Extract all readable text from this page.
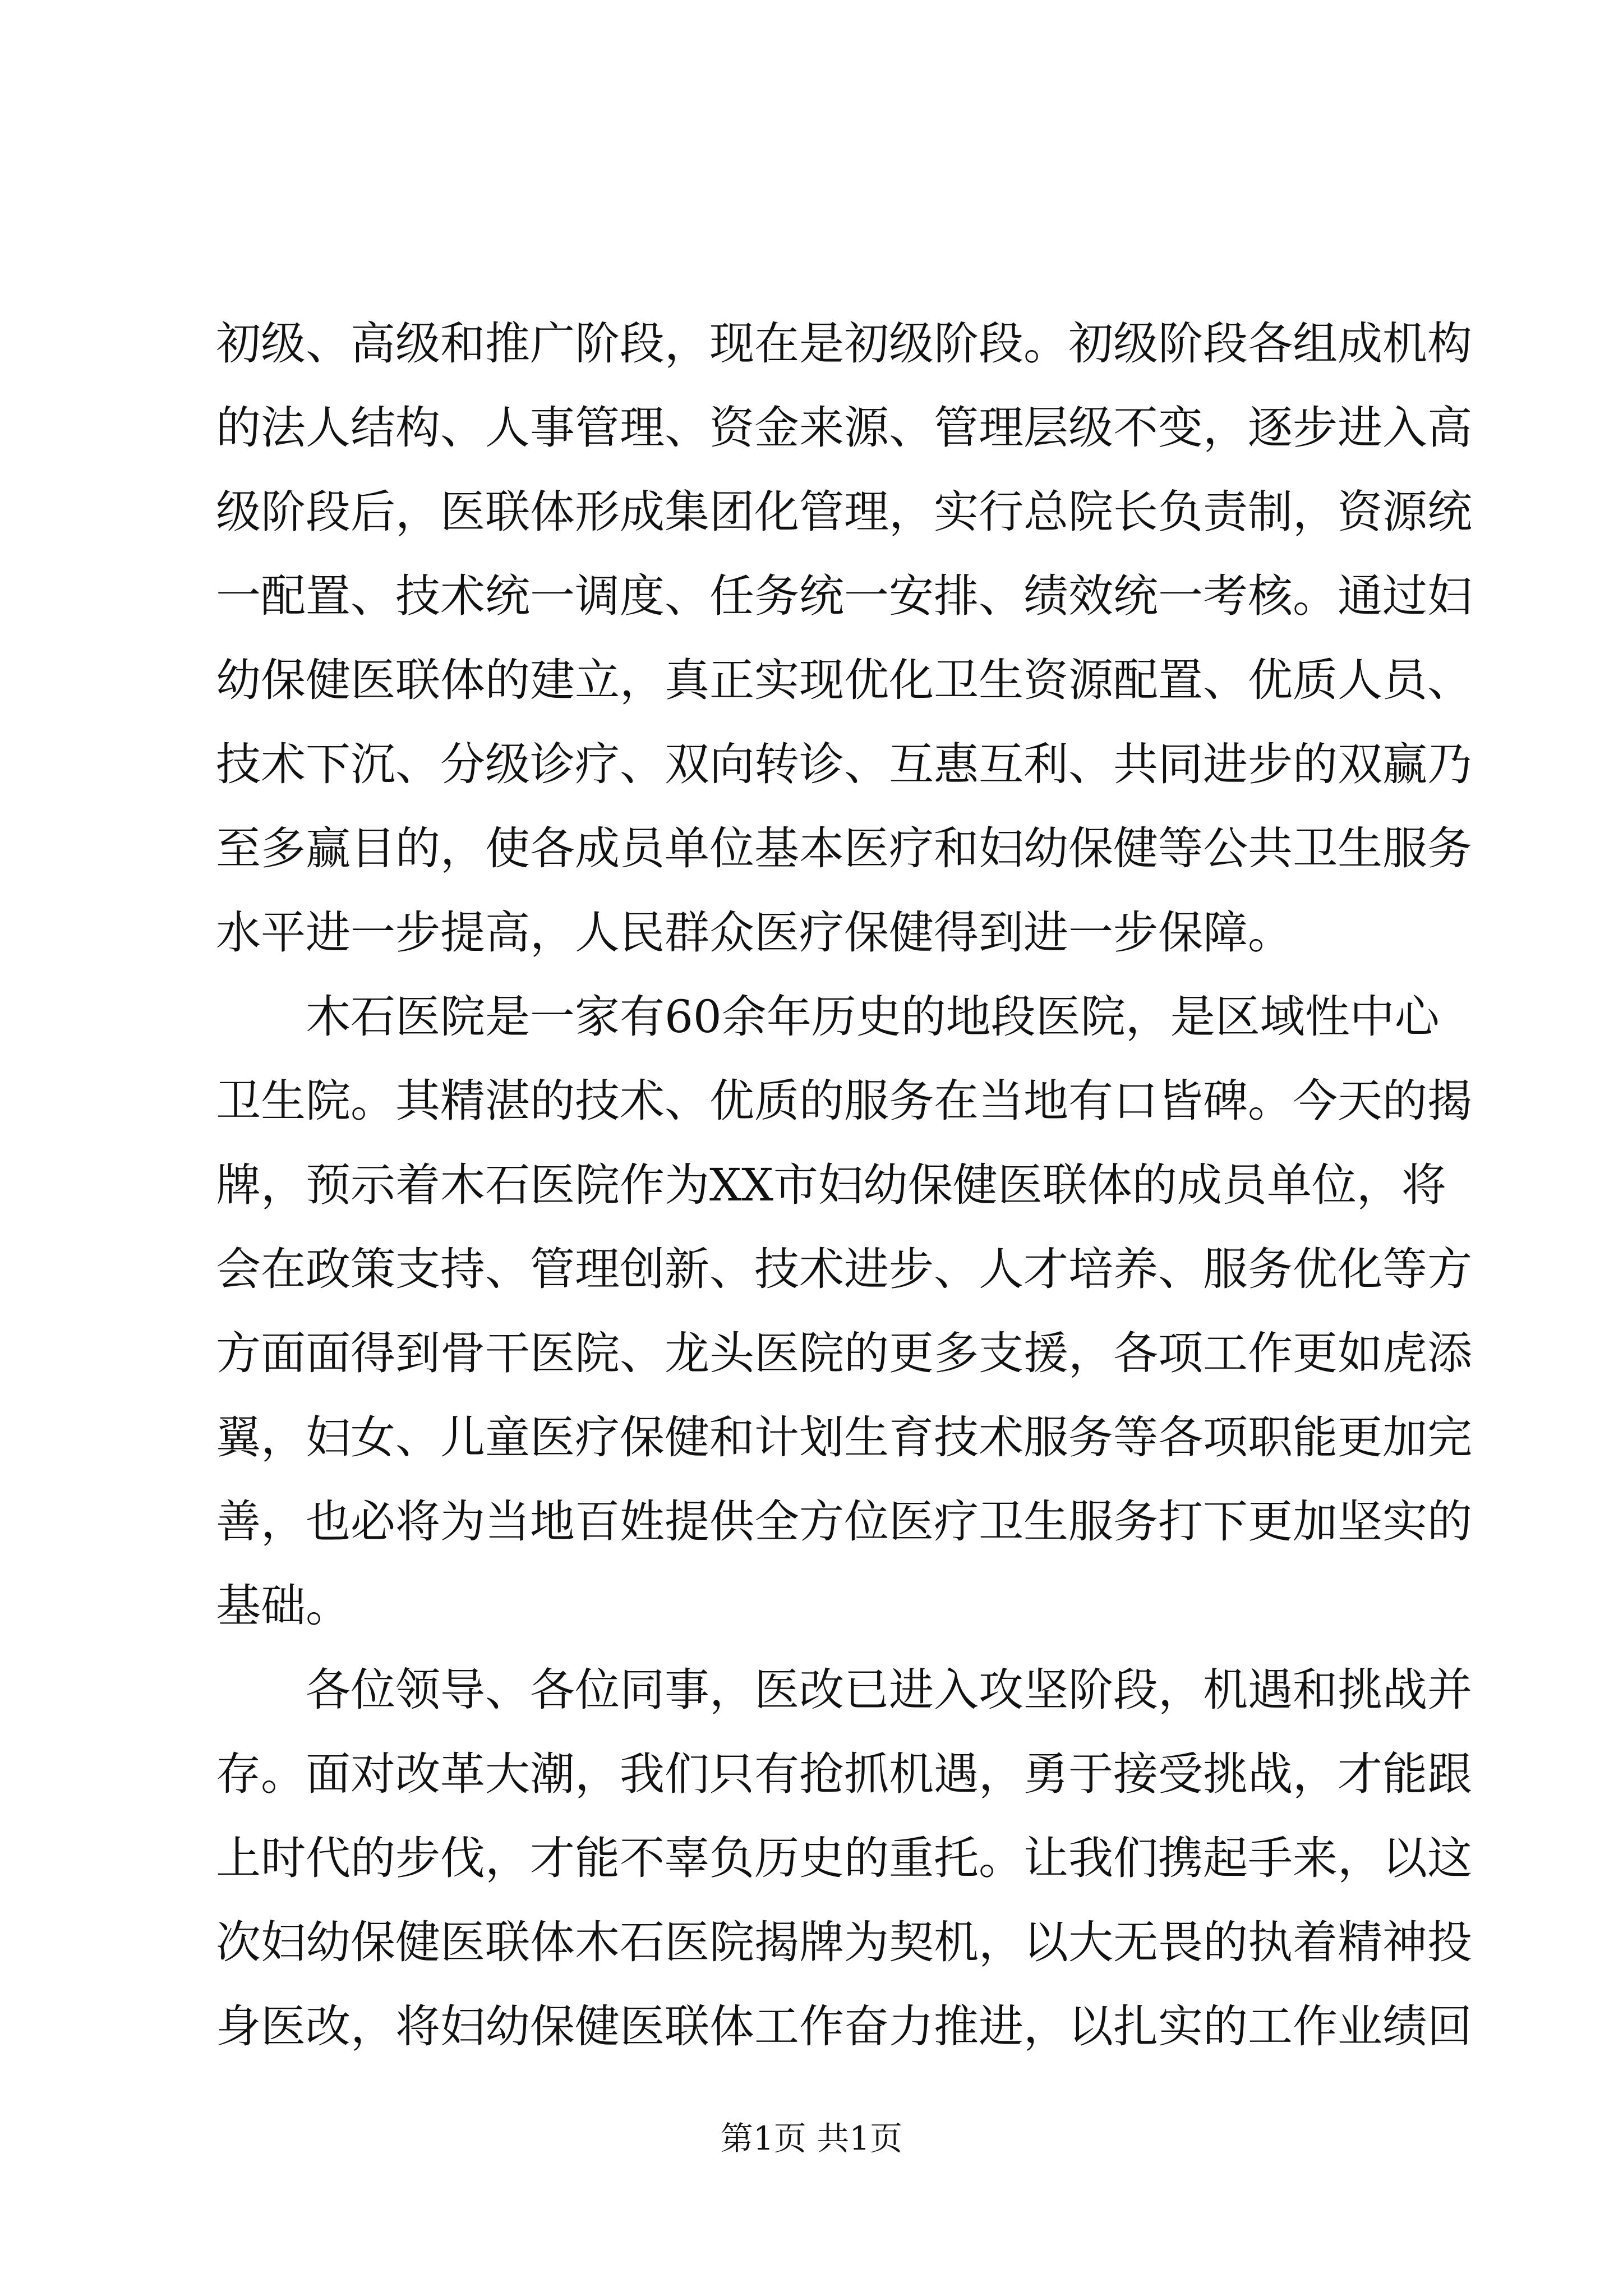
初级、高级和推广阶段，现在是初级阶段。初级阶段各组成机构
的法人结构、人事管理、资金来源、管理层级不变，逐步进入高
级阶段后，医联体形成集团化管理，实行总院长负责制，资源统
一配置、技术统一调度、任务统一安排、绩效统一考核。通过妇
幼保健医联体的建立，真正实现优化卫生资源配置、优质人员、
技术下沉、分级诊疗、双向转诊、互惠互利、共同进步的双赢乃
至多赢目的，使各成员单位基本医疗和妇幼保健等公共卫生服务
水平进一步提高，人民群众医疗保健得到进一步保障。
　　木石医院是一家有60余年历史的地段医院，是区域性中心
卫生院。其精湛的技术、优质的服务在当地有口皆碑。今天的揭
牌，预示着木石医院作为XX市妇幼保健医联体的成员单位，将
会在政策支持、管理创新、技术进步、人才培养、服务优化等方
方面面得到骨干医院、龙头医院的更多支援，各项工作更如虎添
翼，妇女、儿童医疗保健和计划生育技术服务等各项职能更加完
善，也必将为当地百姓提供全方位医疗卫生服务打下更加坚实的
基础。
　　各位领导、各位同事，医改已进入攻坚阶段，机遇和挑战并
存。面对改革大潮，我们只有抢抓机遇，勇于接受挑战，才能跟
上时代的步伐，才能不辜负历史的重托。让我们携起手来，以这
次妇幼保健医联体木石医院揭牌为契机，以大无畏的执着精神投
身医改，将妇幼保健医联体工作奋力推进，以扎实的工作业绩回
第1页 共1页
